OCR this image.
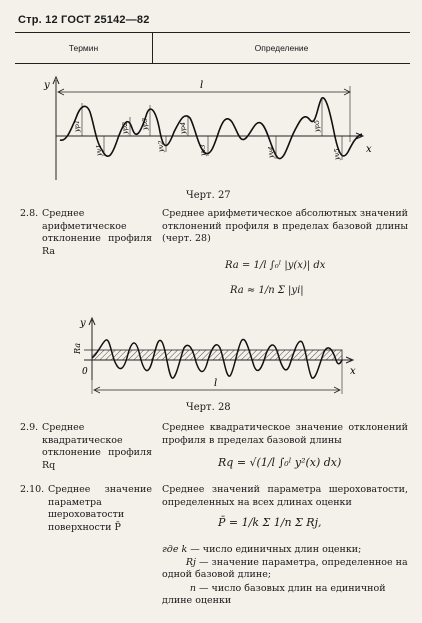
Стр. 12 ГОСТ 25142—82
Термин	Определение
y
x
l
yp1	yp2 yp3	yp4	yp5
yv1	yv2	yv3	yv4	yv5
Черт. 27
2.8. Среднее арифметическое отклонение профиля Ra
Среднее арифметическое абсолютных значений отклонений профиля в пределах базовой длины (черт. 28)
Ra = 1/l ∫₀ˡ |y(x)| dx
Ra ≈ 1/n Σ |yi|
y
x
0
Ra
l
Черт. 28
2.9. Среднее квадратическое отклонение профиля Rq
Среднее квадратическое значение отклонений профиля в пределах базовой длины
Rq = √(1/l ∫₀ˡ y²(x) dx)
2.10. Среднее значение параметра шероховатости поверхности P̄
Среднее значений параметра шероховатости, определенных на всех длинах оценки
P̄ = 1/k Σ 1/n Σ Rj,
где k — число единичных длин оценки;
Rj — значение параметра, определенное на одной базовой длине;
n — число базовых длин на единичной длине оценки
